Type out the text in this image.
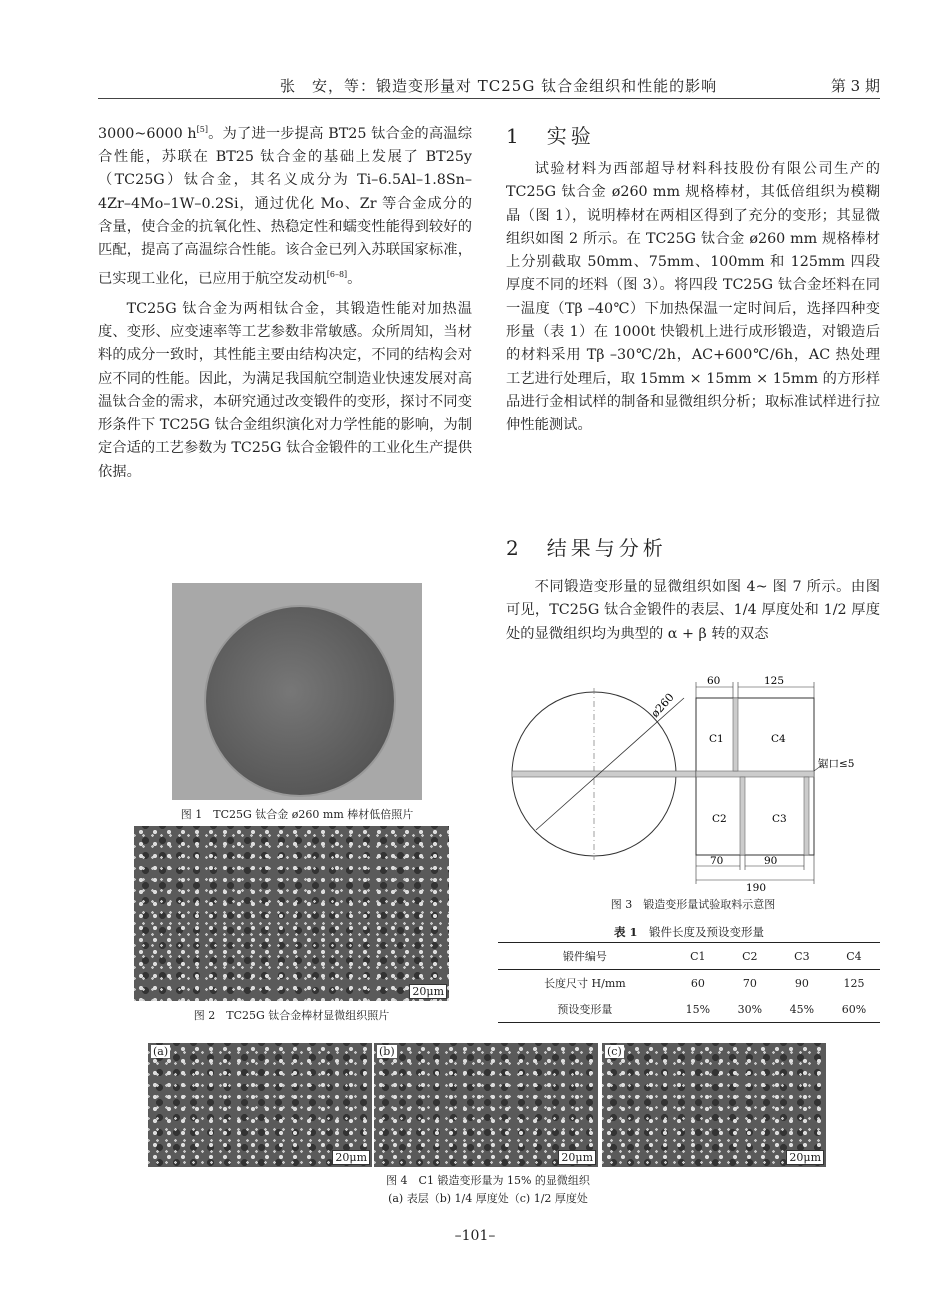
张　安，等：锻造变形量对 TC25G 钛合金组织和性能的影响	第 3 期

3000~6000 h[5]。为了进一步提高 BT25 钛合金的高温综合性能，苏联在 BT25 钛合金的基础上发展了 BT25y（TC25G）钛合金，其名义成分为 Ti–6.5Al–1.8Sn–4Zr–4Mo–1W–0.2Si，通过优化 Mo、Zr 等合金成分的含量，使合金的抗氧化性、热稳定性和蠕变性能得到较好的匹配，提高了高温综合性能。该合金已列入苏联国家标准，已实现工业化，已应用于航空发动机[6–8]。

TC25G 钛合金为两相钛合金，其锻造性能对加热温度、变形、应变速率等工艺参数非常敏感。众所周知，当材料的成分一致时，其性能主要由结构决定，不同的结构会对应不同的性能。因此，为满足我国航空制造业快速发展对高温钛合金的需求，本研究通过改变锻件的变形，探讨不同变形条件下 TC25G 钛合金组织演化对力学性能的影响，为制定合适的工艺参数为 TC25G 钛合金锻件的工业化生产提供依据。

1　实验

试验材料为西部超导材料科技股份有限公司生产的 TC25G 钛合金 ø260 mm 规格棒材，其低倍组织为模糊晶（图 1），说明棒材在两相区得到了充分的变形；其显微组织如图 2 所示。在 TC25G 钛合金 ø260 mm 规格棒材上分别截取 50mm、75mm、100mm 和 125mm 四段厚度不同的坯料（图 3）。将四段 TC25G 钛合金坯料在同一温度（Tβ –40℃）下加热保温一定时间后，选择四种变形量（表 1）在 1000t 快锻机上进行成形锻造，对锻造后的材料采用 Tβ –30℃/2h，AC+600℃/6h，AC 热处理工艺进行处理后，取 15mm × 15mm × 15mm 的方形样品进行金相试样的制备和显微组织分析；取标准试样进行拉伸性能测试。

2　结果与分析

不同锻造变形量的显微组织如图 4~ 图 7 所示。由图可见，TC25G 钛合金锻件的表层、1/4 厚度处和 1/2 厚度处的显微组织均为典型的 α + β 转的双态

图 1　TC25G 钛合金 ø260 mm 棒材低倍照片
20μm
图 2　TC25G 钛合金棒材显微组织照片
ø260
锯口≤5
C1	C4
C2	C3
60	125
70	90
190
图 3　锻造变形量试验取料示意图
表 1　 锻件长度及预设变形量
锻件编号	C1	C2	C3	C4
长度尺寸 H/mm	60	70	90	125
预设变形量	15%	30%	45%	60%
(a)
20μm
(b)
20μm
(c)
20μm
图 4　C1 锻造变形量为 15% 的显微组织
(a) 表层（b) 1/4 厚度处（c) 1/2 厚度处
–101–
